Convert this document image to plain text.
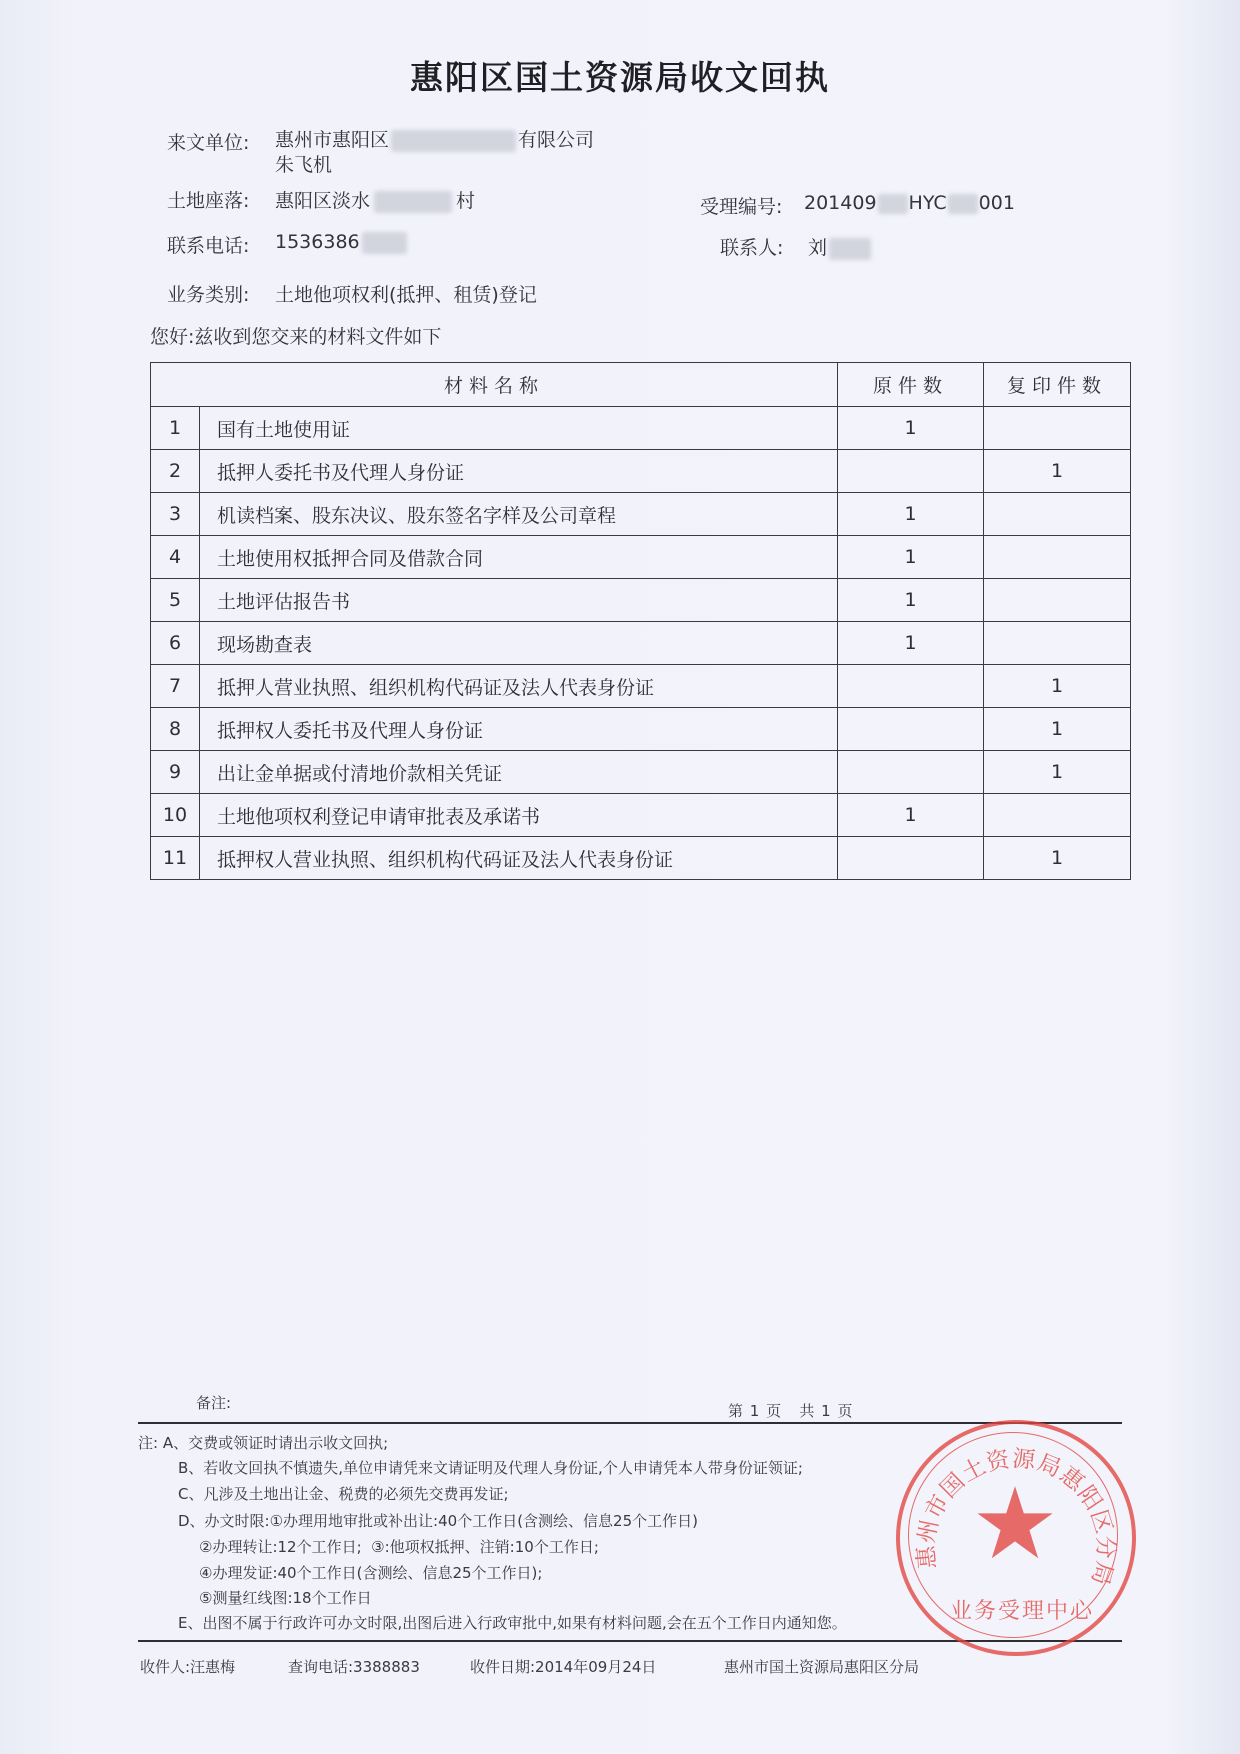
惠阳区国土资源局收文回执
来文单位: 惠州市惠阳区	有限公司
朱飞机
土地座落: 惠阳区淡水	村	受理编号: 201409 HYC 001
联系电话: 1536386	联系人: 刘
业务类别: 土地他项权利(抵押、租赁)登记
您好:兹收到您交来的材料文件如下
材料名称		原件数	复印件数
1	国有土地使用证	1	
2	抵押人委托书及代理人身份证		1
3	机读档案、股东决议、股东签名字样及公司章程	1	
4	土地使用权抵押合同及借款合同	1	
5	土地评估报告书	1	
6	现场勘查表	1	
7	抵押人营业执照、组织机构代码证及法人代表身份证		1
8	抵押权人委托书及代理人身份证		1
9	出让金单据或付清地价款相关凭证		1
10	土地他项权利登记申请审批表及承诺书	1	
11	抵押权人营业执照、组织机构代码证及法人代表身份证		1
备注:	第 1 页   共 1 页
注: A、交费或领证时请出示收文回执;
B、若收文回执不慎遗失,单位申请凭来文请证明及代理人身份证,个人申请凭本人带身份证领证;
C、凡涉及土地出让金、税费的必须先交费再发证;
D、办文时限:①办理用地审批或补出让:40个工作日(含测绘、信息25个工作日)
②办理转让:12个工作日;  ③:他项权抵押、注销:10个工作日;
④办理发证:40个工作日(含测绘、信息25个工作日);
⑤测量红线图:18个工作日
E、出图不属于行政许可办文时限,出图后进入行政审批中,如果有材料问题,会在五个工作日内通知您。
收件人:汪惠梅	查询电话:3388883	收件日期:2014年09月24日	惠州市国土资源局惠阳区分局
惠州市国土资源局惠阳区分局
业务受理中心
